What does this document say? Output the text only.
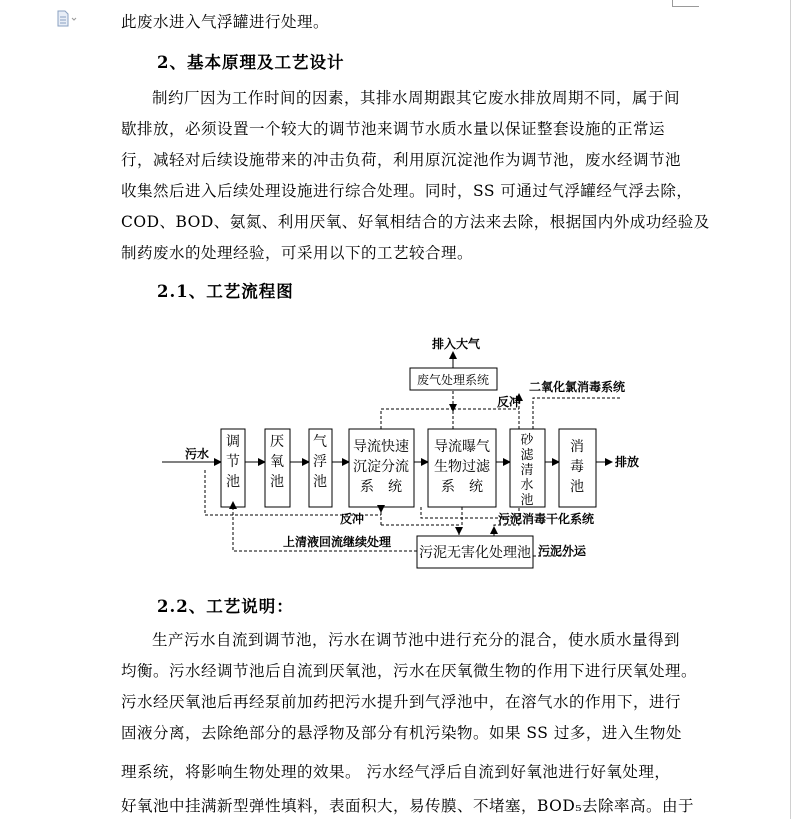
此废水进入气浮罐进行处理。
2、基本原理及工艺设计
制约厂因为工作时间的因素，其排水周期跟其它废水排放周期不同，属于间
歇排放，必须设置一个较大的调节池来调节水质水量以保证整套设施的正常运
行，减轻对后续设施带来的冲击负荷，利用原沉淀池作为调节池，废水经调节池
收集然后进入后续处理设施进行综合处理。同时，SS 可通过气浮罐经气浮去除，
COD、BOD、氨氮、利用厌氧、好氧相结合的方法来去除，根据国内外成功经验及
制药废水的处理经验，可采用以下的工艺较合理。
2.1、工艺流程图
调
节
池
厌
氧
池
气
浮
池
导流快速
沉淀分流
系　统
导流曝气
生物过滤
系　统
砂
滤
清
水
池
消
毒
池
废气处理系统
污泥无害化处理池
污水
排放
排入大气
二氧化氯消毒系统
反冲
反冲	污泥消毒干化系统
上清液回流继续处理
污泥外运
2.2、工艺说明：
生产污水自流到调节池，污水在调节池中进行充分的混合，使水质水量得到
均衡。污水经调节池后自流到厌氧池，污水在厌氧微生物的作用下进行厌氧处理。
污水经厌氧池后再经泵前加药把污水提升到气浮池中，在溶气水的作用下，进行
固液分离，去除绝部分的悬浮物及部分有机污染物。如果 SS 过多，进入生物处
理系统，将影响生物处理的效果。 污水经气浮后自流到好氧池进行好氧处理，
好氧池中挂满新型弹性填料，表面积大，易传膜、不堵塞，BOD₅去除率高。由于
